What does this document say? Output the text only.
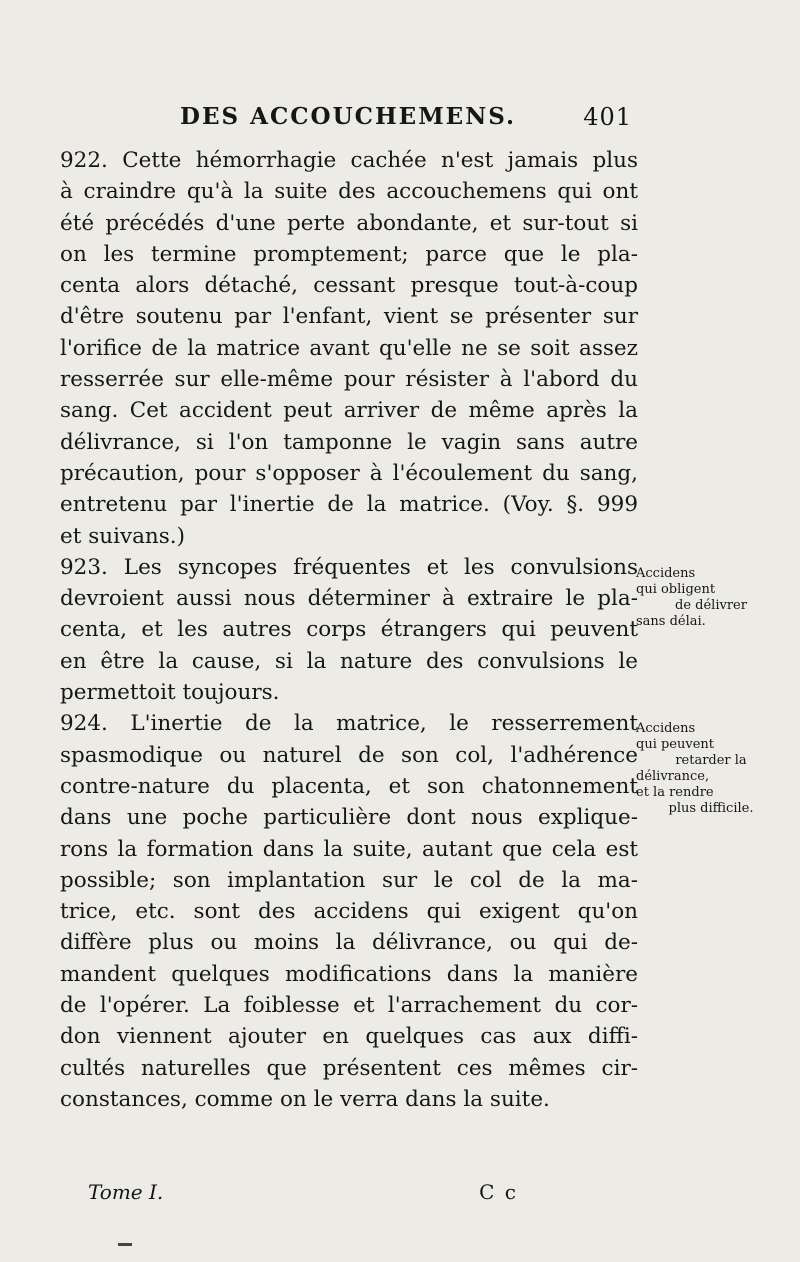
DES ACCOUCHEMENS.	401
922. Cette hémorrhagie cachée n'est jamais plus
à craindre qu'à la suite des accouchemens qui ont
été précédés d'une perte abondante, et sur-tout si
on les termine promptement; parce que le pla-
centa alors détaché, cessant presque tout-à-coup
d'être soutenu par l'enfant, vient se présenter sur
l'orifice de la matrice avant qu'elle ne se soit assez
resserrée sur elle-même pour résister à l'abord du
sang. Cet accident peut arriver de même après la
délivrance, si l'on tamponne le vagin sans autre
précaution, pour s'opposer à l'écoulement du sang,
entretenu par l'inertie de la matrice. (Voy. §. 999
et suivans.)
923. Les syncopes fréquentes et les convulsions
devroient aussi nous déterminer à extraire le pla-
centa, et les autres corps étrangers qui peuvent
en être la cause, si la nature des convulsions le
permettoit toujours.
924. L'inertie de la matrice, le resserrement
spasmodique ou naturel de son col, l'adhérence
contre-nature du placenta, et son chatonnement
dans une poche particulière dont nous explique-
rons la formation dans la suite, autant que cela est
possible; son implantation sur le col de la ma-
trice, etc. sont des accidens qui exigent qu'on
diffère plus ou moins la délivrance, ou qui de-
mandent quelques modifications dans la manière
de l'opérer. La foiblesse et l'arrachement du cor-
don viennent ajouter en quelques cas aux diffi-
cultés naturelles que présentent ces mêmes cir-
constances, comme on le verra dans la suite.
Accidens
qui obligent
de délivrer
sans délai.
Accidens
qui peuvent
retarder la
délivrance,
et la rendre
plus difficile.
Tome I.	C c
